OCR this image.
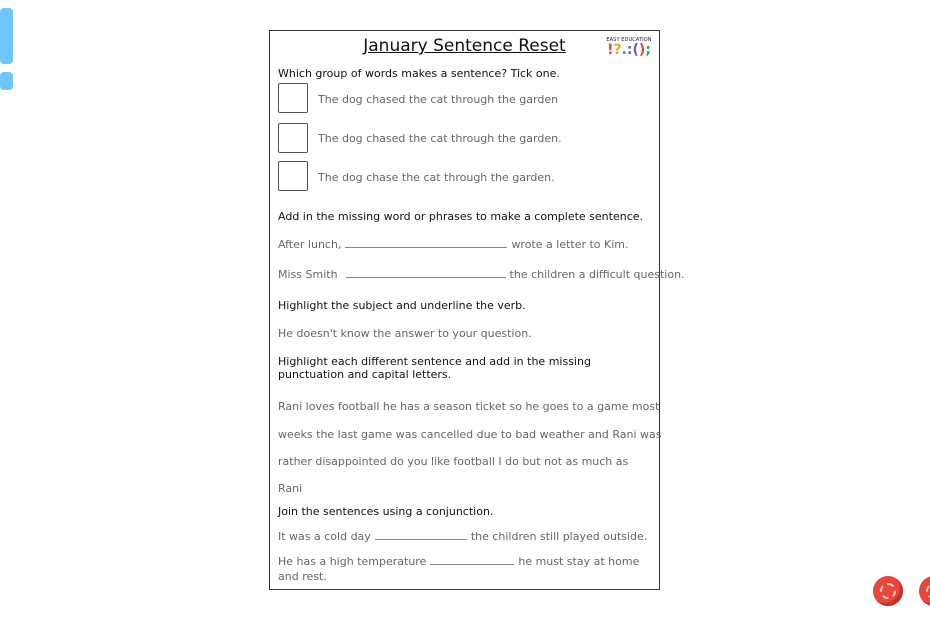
January Sentence Reset	EASY EDUCATION
!?.:();
Which group of words makes a sentence? Tick one.
The dog chased the cat through the garden
The dog chased the cat through the garden.
The dog chase the cat through the garden.
Add in the missing word or phrases to make a complete sentence.
After lunch,	wrote a letter to Kim.
Miss Smith	the children a difficult question.
Highlight the subject and underline the verb.
He doesn't know the answer to your question.
Highlight each different sentence and add in the missing
punctuation and capital letters.
Rani loves football he has a season ticket so he goes to a game most
weeks the last game was cancelled due to bad weather and Rani was
rather disappointed do you like football I do but not as much as
Rani
Join the sentences using a conjunction.
It was a cold day	the children still played outside.
He has a high temperature	he must stay at home
and rest.
